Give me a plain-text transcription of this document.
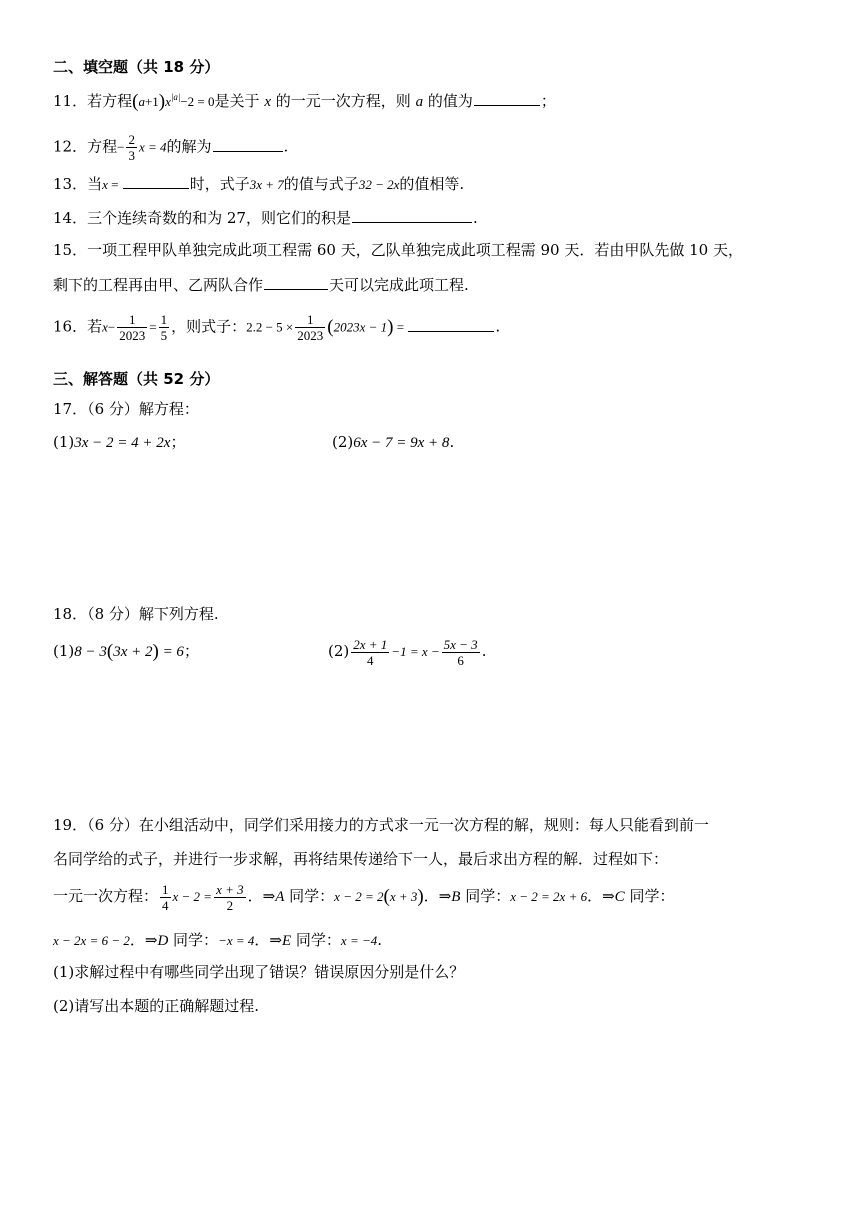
二、填空题（共 18 分）
11．若方程$(a+1)x^{|a|}-2 = 0$是关于 x 的一元一次方程，则 a 的值为	；
12．方程− $\frac{2}{3}$ x = 4的解为	.
13．当x =	时，式子3x + 7的值与式子32 − 2x的值相等.
14．三个连续奇数的和为 27，则它们的积是	.
15．一项工程甲队单独完成此项工程需 60 天，乙队单独完成此项工程需 90 天．若由甲队先做 10 天，
剩下的工程再由甲、乙两队合作	天可以完成此项工程.
16．若$x- \frac{1}{2023} = \frac{1}{5}$ ，则式子：$2.2 - 5 \times \frac{1}{2023} (2023x - 1)$ =	.
三、解答题（共 52 分）
17．（6 分）解方程：
(1)3x − 2 = 4 + 2x；	(2)6x − 7 = 9x + 8.
18．（8 分）解下列方程.
(1)8 − 3(3x + 2) = 6；	$(2) \frac{2x + 1}{4} -1 = x - \frac{5x - 3}{6}$ .
19．（6 分）在小组活动中，同学们采用接力的方式求一元一次方程的解，规则：每人只能看到前一
名同学给的式子，并进行一步求解，再将结果传递给下一人，最后求出方程的解．过程如下：
一元一次方程： $\frac{1}{4}$ $x - 2 = \frac{x + 3}{2}$ ．⇒A 同学：x − 2 = 2(x + 3)．⇒B 同学：x − 2 = 2x + 6．⇒C 同学：
x − 2x = 6 − 2．⇒D 同学：−x = 4．⇒E 同学：x = −4.
(1)求解过程中有哪些同学出现了错误？错误原因分别是什么？
(2)请写出本题的正确解题过程.
